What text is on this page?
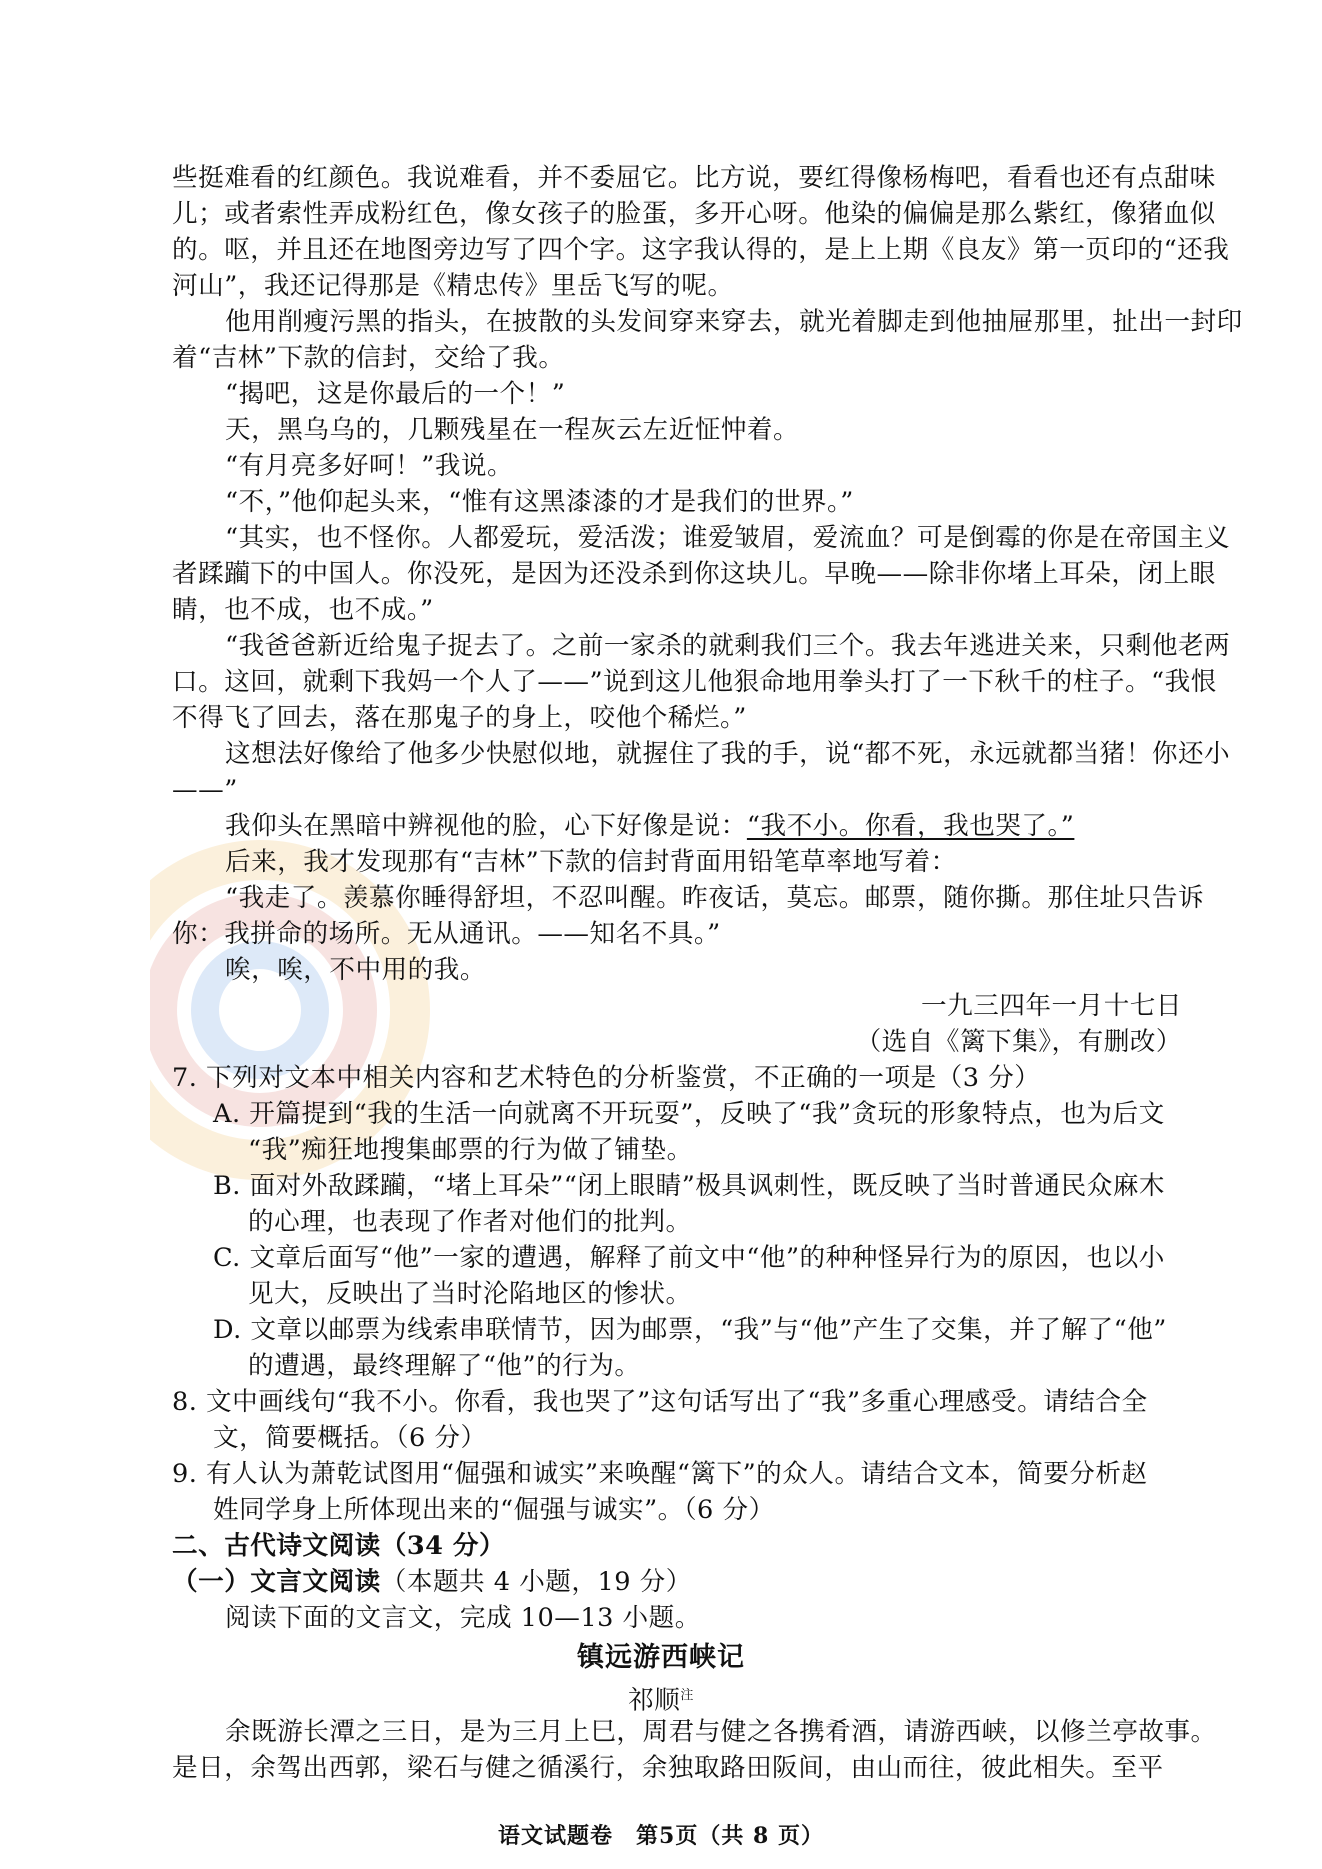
些挺难看的红颜色。我说难看，并不委屈它。比方说，要红得像杨梅吧，看看也还有点甜味
儿；或者索性弄成粉红色，像女孩子的脸蛋，多开心呀。他染的偏偏是那么紫红，像猪血似
的。呕，并且还在地图旁边写了四个字。这字我认得的，是上上期《良友》第一页印的“还我
河山”，我还记得那是《精忠传》里岳飞写的呢。
他用削瘦污黑的指头，在披散的头发间穿来穿去，就光着脚走到他抽屉那里，扯出一封印
着“吉林”下款的信封，交给了我。
“揭吧，这是你最后的一个！”
天，黑乌乌的，几颗残星在一程灰云左近怔忡着。
“有月亮多好呵！”我说。
“不，”他仰起头来，“惟有这黑漆漆的才是我们的世界。”
“其实，也不怪你。人都爱玩，爱活泼；谁爱皱眉，爱流血？可是倒霉的你是在帝国主义
者蹂躏下的中国人。你没死，是因为还没杀到你这块儿。早晚——除非你堵上耳朵，闭上眼
睛，也不成，也不成。”
“我爸爸新近给鬼子捉去了。之前一家杀的就剩我们三个。我去年逃进关来，只剩他老两
口。这回，就剩下我妈一个人了——”说到这儿他狠命地用拳头打了一下秋千的柱子。“我恨
不得飞了回去，落在那鬼子的身上，咬他个稀烂。”
这想法好像给了他多少快慰似地，就握住了我的手，说“都不死，永远就都当猪！你还小
——”
我仰头在黑暗中辨视他的脸，心下好像是说：“我不小。你看，我也哭了。”
后来，我才发现那有“吉林”下款的信封背面用铅笔草率地写着：
“我走了。羡慕你睡得舒坦，不忍叫醒。昨夜话，莫忘。邮票，随你撕。那住址只告诉
你：我拼命的场所。无从通讯。——知名不具。”
唉，唉，不中用的我。
一九三四年一月十七日
（选自《篱下集》，有删改）
7. 下列对文本中相关内容和艺术特色的分析鉴赏，不正确的一项是（3 分）
A. 开篇提到“我的生活一向就离不开玩耍”，反映了“我”贪玩的形象特点，也为后文
“我”痴狂地搜集邮票的行为做了铺垫。
B. 面对外敌蹂躏，“堵上耳朵”“闭上眼睛”极具讽刺性，既反映了当时普通民众麻木
的心理，也表现了作者对他们的批判。
C. 文章后面写“他”一家的遭遇，解释了前文中“他”的种种怪异行为的原因，也以小
见大，反映出了当时沦陷地区的惨状。
D. 文章以邮票为线索串联情节，因为邮票，“我”与“他”产生了交集，并了解了“他”
的遭遇，最终理解了“他”的行为。
8. 文中画线句“我不小。你看，我也哭了”这句话写出了“我”多重心理感受。请结合全
文，简要概括。（6 分）
9. 有人认为萧乾试图用“倔强和诚实”来唤醒“篱下”的众人。请结合文本，简要分析赵
姓同学身上所体现出来的“倔强与诚实”。（6 分）
二、古代诗文阅读（34 分）
（一）文言文阅读（本题共 4 小题，19 分）
阅读下面的文言文，完成 10—13 小题。
镇远游西峡记
祁顺$^注$
余既游长潭之三日，是为三月上巳，周君与健之各携肴酒，请游西峡，以修兰亭故事。
是日，余驾出西郭，梁石与健之循溪行，余独取路田阪间，由山而往，彼此相失。至平
语文试题卷　第5页（共 8 页）
